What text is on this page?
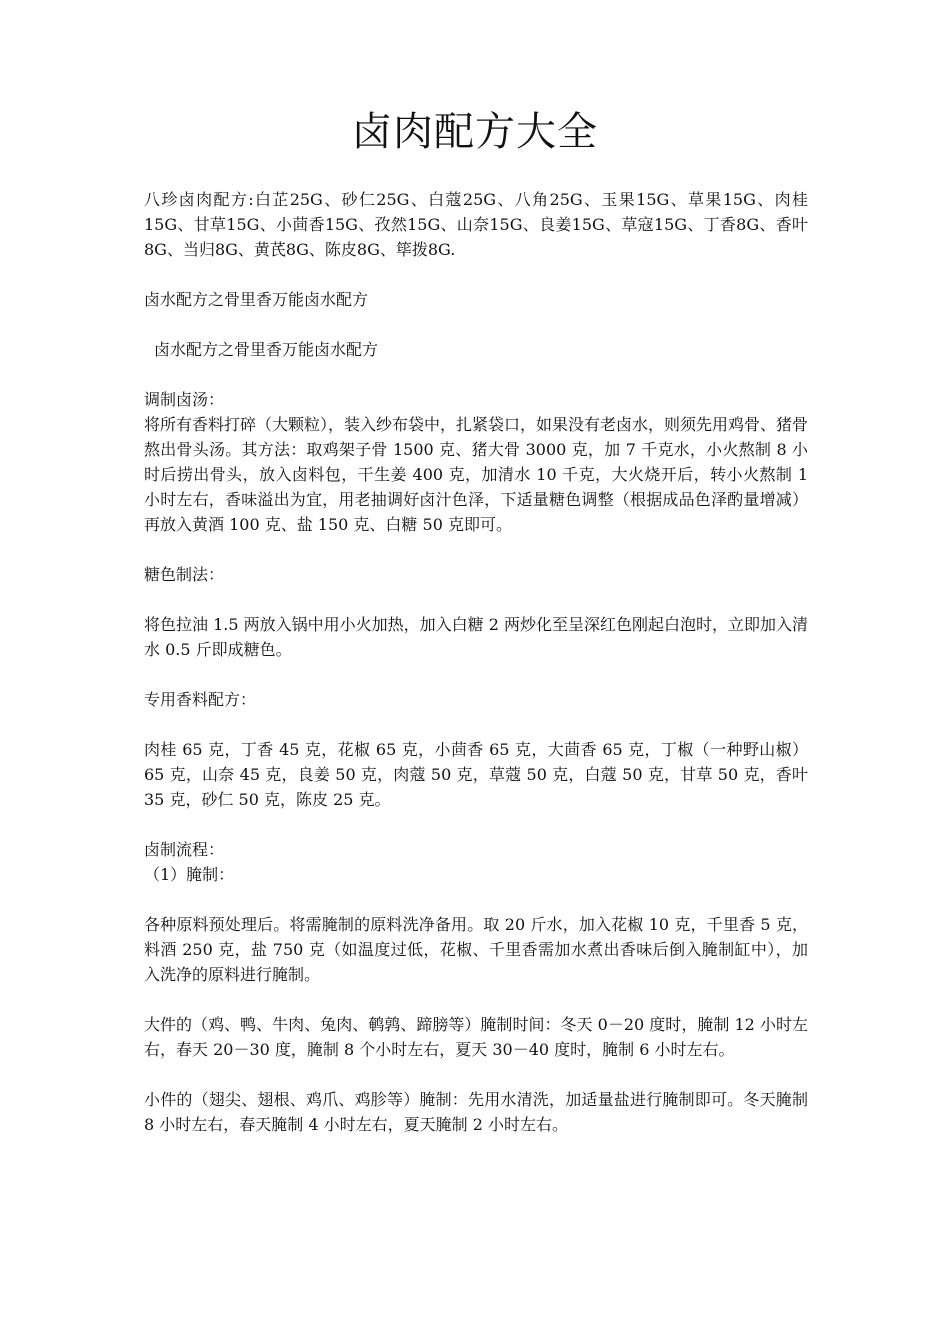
卤肉配方大全

八珍卤肉配方:白芷25G、砂仁25G、白蔻25G、八角25G、玉果15G、草果15G、肉桂15G、甘草15G、小茴香15G、孜然15G、山奈15G、良姜15G、草寇15G、丁香8G、香叶8G、当归8G、黄芪8G、陈皮8G、筚拨8G.

卤水配方之骨里香万能卤水配方

卤水配方之骨里香万能卤水配方

调制卤汤：

将所有香料打碎（大颗粒），装入纱布袋中，扎紧袋口，如果没有老卤水，则须先用鸡骨、猪骨熬出骨头汤。其方法：取鸡架子骨 1500 克、猪大骨 3000 克，加 7 千克水，小火熬制 8 小时后捞出骨头，放入卤料包，干生姜 400 克，加清水 10 千克，大火烧开后，转小火熬制 1 小时左右，香味溢出为宜，用老抽调好卤汁色泽，下适量糖色调整（根据成品色泽酌量增减）再放入黄酒 100 克、盐 150 克、白糖 50 克即可。

糖色制法：

将色拉油 1.5 两放入锅中用小火加热，加入白糖 2 两炒化至呈深红色刚起白泡时，立即加入清水 0.5 斤即成糖色。

专用香料配方：

肉桂 65 克，丁香 45 克，花椒 65 克，小茴香 65 克，大茴香 65 克，丁椒（一种野山椒）65 克，山奈 45 克，良姜 50 克，肉蔻 50 克，草蔻 50 克，白蔻 50 克，甘草 50 克，香叶 35 克，砂仁 50 克，陈皮 25 克。

卤制流程：

（1）腌制：

各种原料预处理后。将需腌制的原料洗净备用。取 20 斤水，加入花椒 10 克，千里香 5 克，料酒 250 克，盐 750 克（如温度过低，花椒、千里香需加水煮出香味后倒入腌制缸中），加入洗净的原料进行腌制。

大件的（鸡、鸭、牛肉、兔肉、鹌鹑、蹄膀等）腌制时间：冬天 0－20 度时，腌制 12 小时左右，春天 20－30 度，腌制 8 个小时左右，夏天 30－40 度时，腌制 6 小时左右。

小件的（翅尖、翅根、鸡爪、鸡胗等）腌制：先用水清洗，加适量盐进行腌制即可。冬天腌制 8 小时左右，春天腌制 4 小时左右，夏天腌制 2 小时左右。
